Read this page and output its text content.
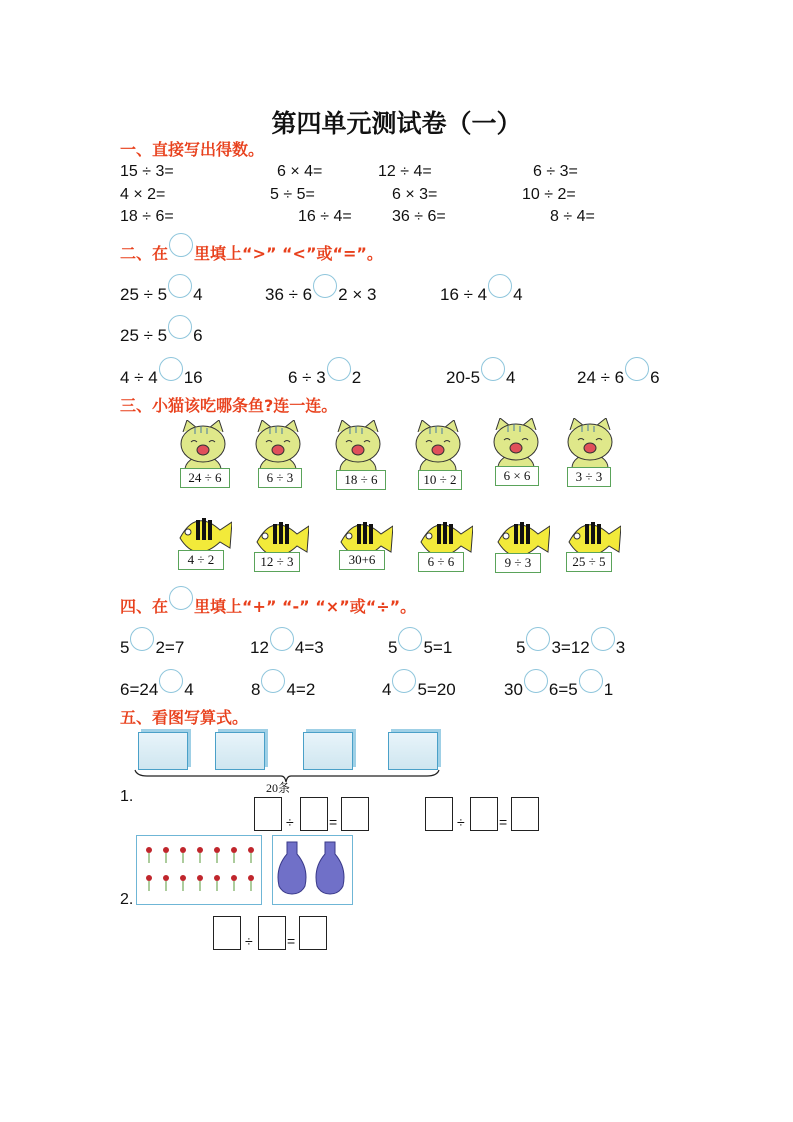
第四单元测试卷（一）
一、直接写出得数。
15 ÷ 3=	6 × 4=	12 ÷ 4=	6 ÷ 3=
4 × 2=	5 ÷ 5=	6 × 3=	10 ÷ 2=
18 ÷ 6=	16 ÷ 4=	36 ÷ 6=	8 ÷ 4=
二、在 里填上“>” “<”或“=”。
25 ÷ 5 4	36 ÷ 6 2 × 3	16 ÷ 4 4
25 ÷ 5 6
4 ÷ 4 16	6 ÷ 3 2	20-5 4	24 ÷ 6 6
三、小猫该吃哪条鱼?连一连。
24 ÷ 6	6 ÷ 3	18 ÷ 6	10 ÷ 2	6 × 6	3 ÷ 3
4 ÷ 2	12 ÷ 3	30+6	6 ÷ 6	9 ÷ 3	25 ÷ 5
四、在 里填上“+” “-” “×”或“÷”。
5 2=7	12 4=3	5 5=1	5 3=12 3
6=24 4	8 4=2	4 5=20	30 6=5 1
五、看图写算式。
20条
1.
÷	=	÷ =
2.
÷ =
